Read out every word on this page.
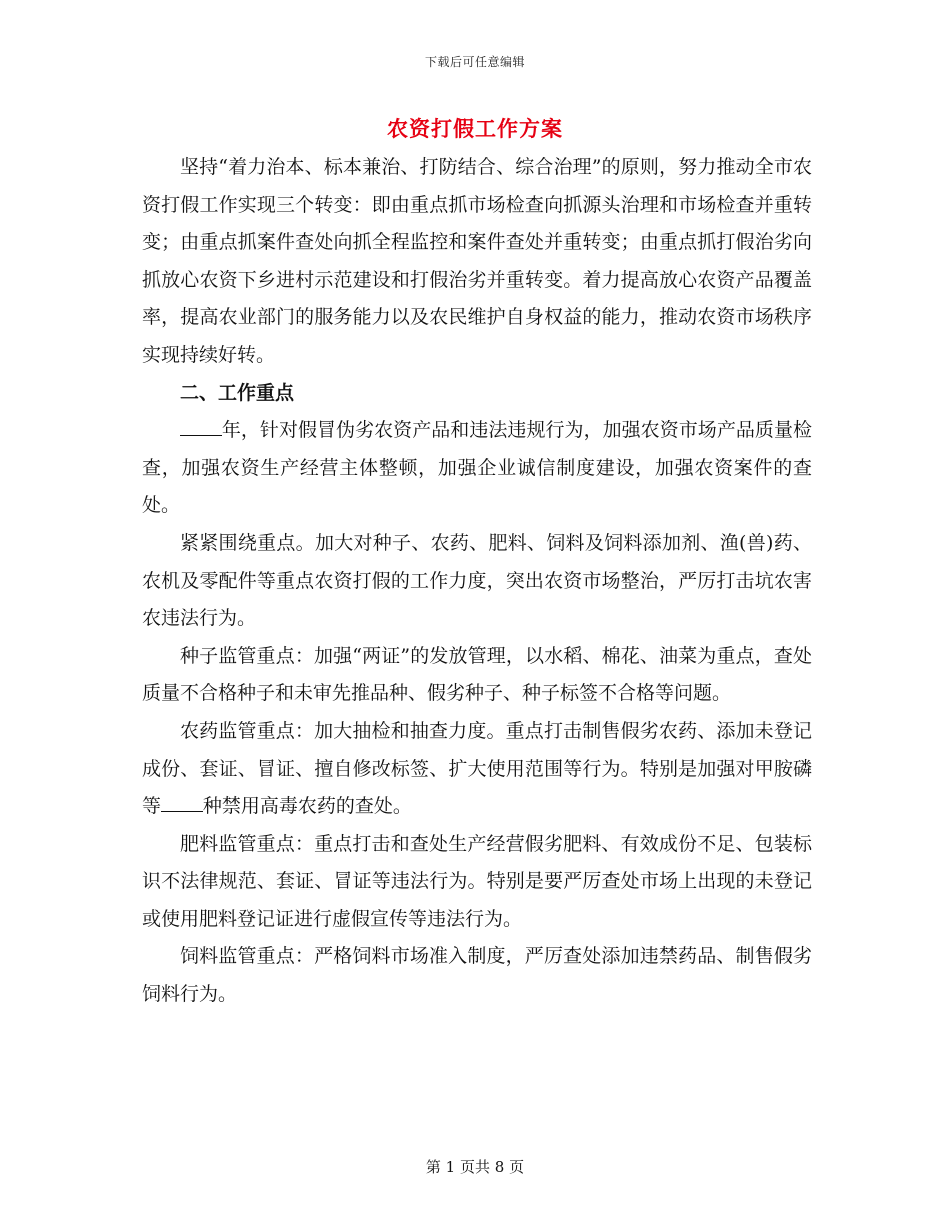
下载后可任意编辑
农资打假工作方案

坚持“着力治本、标本兼治、打防结合、综合治理”的原则，努力推动全市农资打假工作实现三个转变：即由重点抓市场检查向抓源头治理和市场检查并重转变；由重点抓案件查处向抓全程监控和案件查处并重转变；由重点抓打假治劣向抓放心农资下乡进村示范建设和打假治劣并重转变。着力提高放心农资产品覆盖率，提高农业部门的服务能力以及农民维护自身权益的能力，推动农资市场秩序实现持续好转。

二、工作重点

年，针对假冒伪劣农资产品和违法违规行为，加强农资市场产品质量检查，加强农资生产经营主体整顿，加强企业诚信制度建设，加强农资案件的查处。

紧紧围绕重点。加大对种子、农药、肥料、饲料及饲料添加剂、渔(兽)药、农机及零配件等重点农资打假的工作力度，突出农资市场整治，严厉打击坑农害农违法行为。

种子监管重点：加强“两证”的发放管理，以水稻、棉花、油菜为重点，查处质量不合格种子和未审先推品种、假劣种子、种子标签不合格等问题。

农药监管重点：加大抽检和抽查力度。重点打击制售假劣农药、添加未登记成份、套证、冒证、擅自修改标签、扩大使用范围等行为。特别是加强对甲胺磷等 种禁用高毒农药的查处。

肥料监管重点：重点打击和查处生产经营假劣肥料、有效成份不足、包装标识不法律规范、套证、冒证等违法行为。特别是要严厉查处市场上出现的未登记或使用肥料登记证进行虚假宣传等违法行为。

饲料监管重点：严格饲料市场准入制度，严厉查处添加违禁药品、制售假劣饲料行为。

第 1 页共 8 页
